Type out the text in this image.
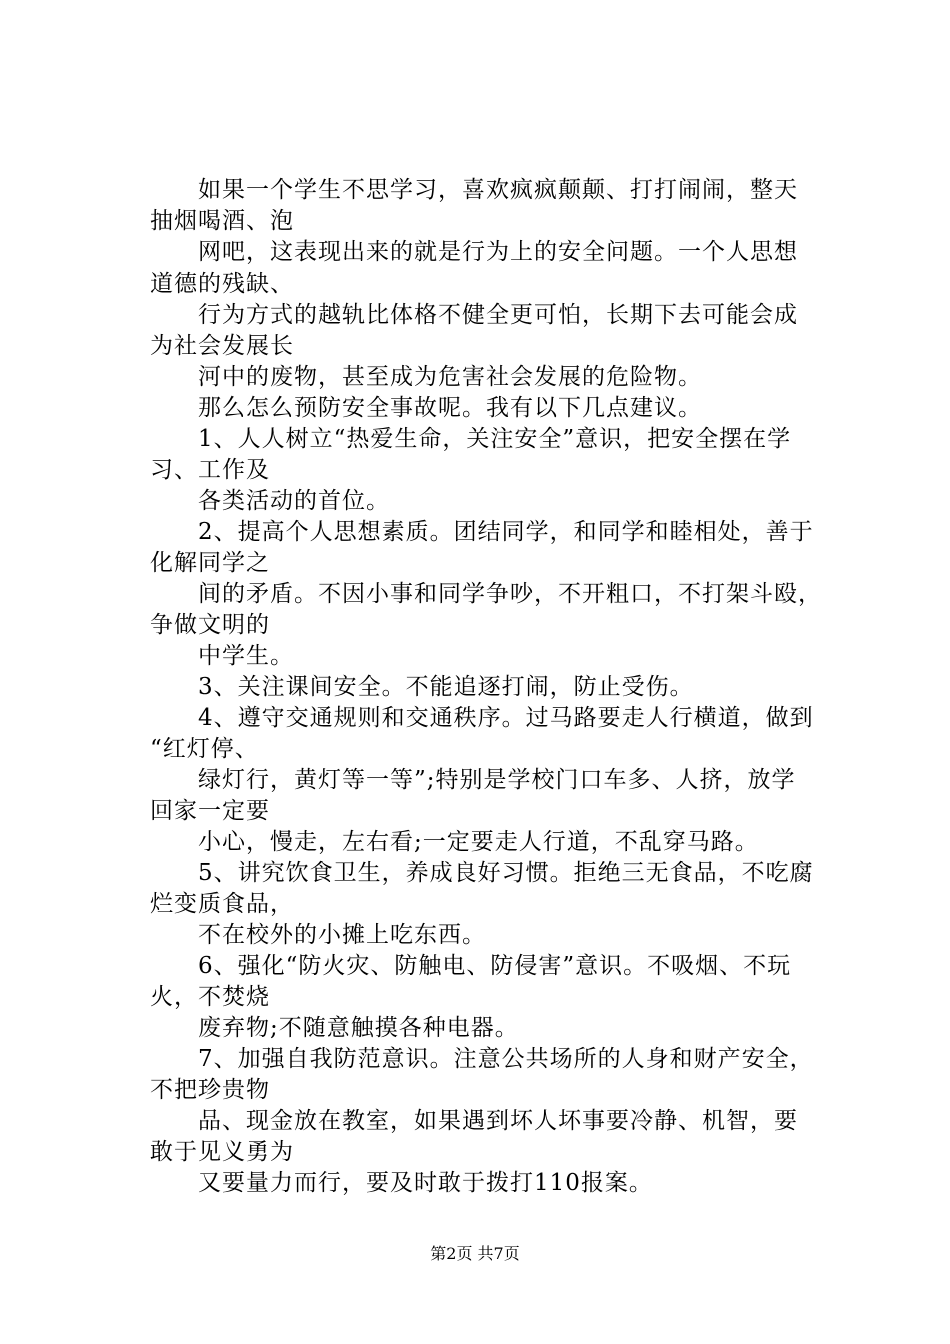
　　如果一个学生不思学习，喜欢疯疯颠颠、打打闹闹，整天
抽烟喝酒、泡
　　网吧，这表现出来的就是行为上的安全问题。一个人思想
道德的残缺、
　　行为方式的越轨比体格不健全更可怕，长期下去可能会成
为社会发展长
　　河中的废物，甚至成为危害社会发展的危险物。
　　那么怎么预防安全事故呢。我有以下几点建议。
　　1、人人树立“热爱生命，关注安全”意识，把安全摆在学
习、工作及
　　各类活动的首位。
　　2、提高个人思想素质。团结同学，和同学和睦相处，善于
化解同学之
　　间的矛盾。不因小事和同学争吵，不开粗口，不打架斗殴，
争做文明的
　　中学生。
　　3、关注课间安全。不能追逐打闹，防止受伤。
　　4、遵守交通规则和交通秩序。过马路要走人行横道，做到
“红灯停、
　　绿灯行，黄灯等一等”;特别是学校门口车多、人挤，放学
回家一定要
　　小心，慢走，左右看;一定要走人行道，不乱穿马路。
　　5、讲究饮食卫生，养成良好习惯。拒绝三无食品，不吃腐
烂变质食品，
　　不在校外的小摊上吃东西。
　　6、强化“防火灾、防触电、防侵害”意识。不吸烟、不玩
火，不焚烧
　　废弃物;不随意触摸各种电器。
　　7、加强自我防范意识。注意公共场所的人身和财产安全，
不把珍贵物
　　品、现金放在教室，如果遇到坏人坏事要冷静、机智，要
敢于见义勇为
　　又要量力而行，要及时敢于拨打110报案。
第2页 共7页
